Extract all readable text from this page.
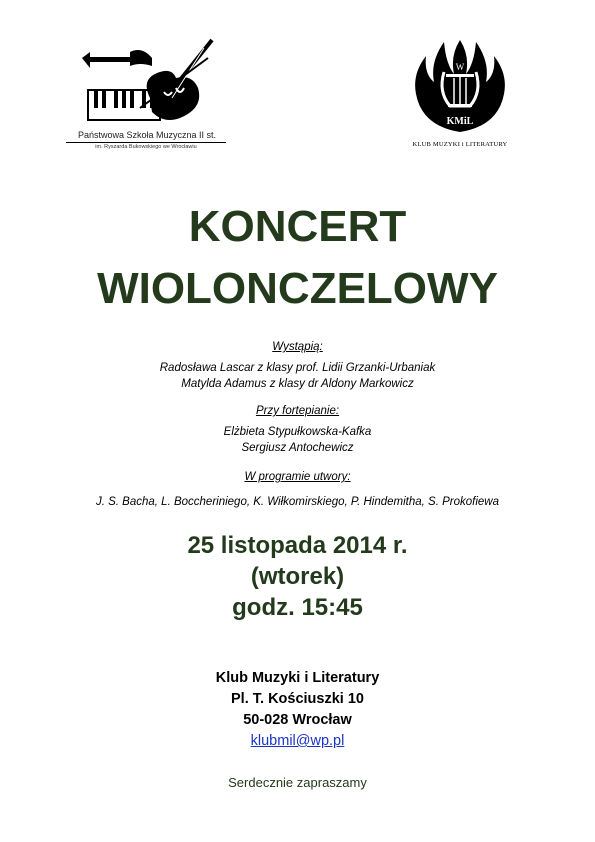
Państwowa Szkoła Muzyczna II st.
im. Ryszarda Bukowskiego we Wrocławiu
W
KMiL
KLUB MUZYKI i LITERATURY
KONCERT
WIOLONCZELOWY
Wystąpią:
Radosława Lascar z klasy prof. Lidii Grzanki-Urbaniak
Matylda Adamus z klasy dr Aldony Markowicz
Przy fortepianie:
Elżbieta Stypułkowska-Kafka
Sergiusz Antochewicz
W programie utwory:
J. S. Bacha, L. Boccheriniego, K. Wiłkomirskiego, P. Hindemitha, S. Prokofiewa
25 listopada 2014 r.
(wtorek)
godz. 15:45
Klub Muzyki i Literatury
Pl. T. Kościuszki 10
50-028 Wrocław
klubmil@wp.pl
Serdecznie zapraszamy
